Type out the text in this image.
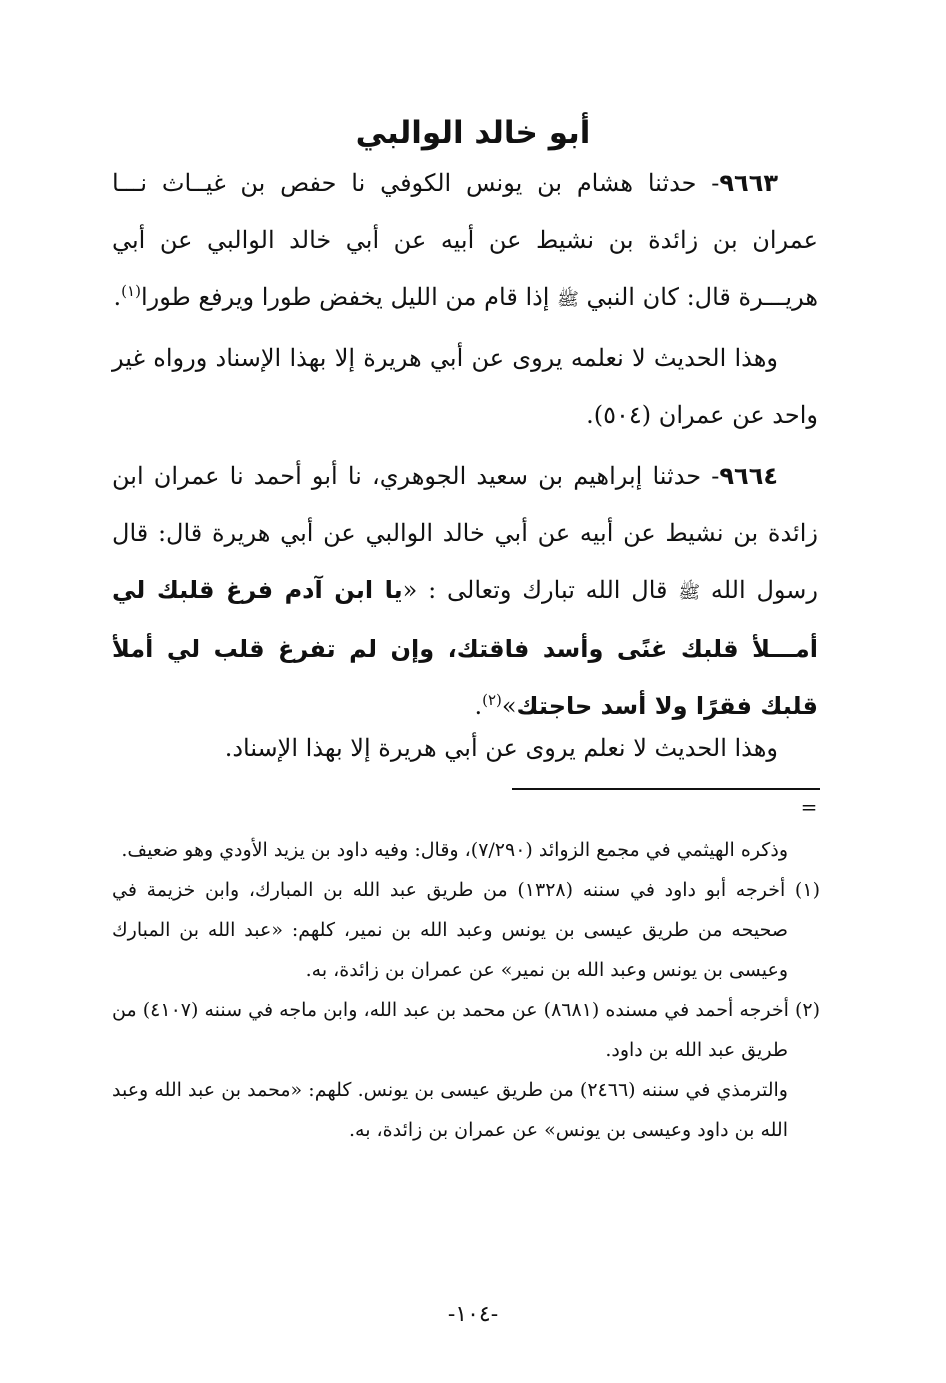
أبو خالد الوالبي

٩٦٦٣- حدثنا هشام بن يونس الكوفي نا حفص بن غيــاث نـــا عمران بن زائدة بن نشيط عن أبيه عن أبي خالد الوالبي عن أبي هريـــرة قال: كان النبي ﷺ إذا قام من الليل يخفض طورا ويرفع طورا$^{(١)}$.

وهذا الحديث لا نعلمه يروى عن أبي هريرة إلا بهذا الإسناد ورواه غير واحد عن عمران (٥٠٤).

٩٦٦٤- حدثنا إبراهيم بن سعيد الجوهري، نا أبو أحمد نا عمران ابن زائدة بن نشيط عن أبيه عن أبي خالد الوالبي عن أبي هريرة قال: قال رسول الله ﷺ قال الله تبارك وتعالى : «يا ابن آدم فرغ قلبك لي أمـــلأ قلبك غنًى وأسد فاقتك، وإن لم تفرغ قلب لي أملأ قلبك فقرًا ولا أسد حاجتك»$^{(٢)}$.

وهذا الحديث لا نعلم يروى عن أبي هريرة إلا بهذا الإسناد.

=

وذكره الهيثمي في مجمع الزوائد (٧/٢٩٠)، وقال: وفيه داود بن يزيد الأودي وهو ضعيف.

(١) أخرجه أبو داود في سننه (١٣٢٨) من طريق عبد الله بن المبارك، وابن خزيمة في صحيحه من طريق عيسى بن يونس وعبد الله بن نمير، كلهم: «عبد الله بن المبارك وعيسى بن يونس وعبد الله بن نمير» عن عمران بن زائدة، به.

(٢) أخرجه أحمد في مسنده (٨٦٨١) عن محمد بن عبد الله، وابن ماجه في سننه (٤١٠٧) من طريق عبد الله بن داود.

والترمذي في سننه (٢٤٦٦) من طريق عيسى بن يونس. كلهم: «محمد بن عبد الله وعبد الله بن داود وعيسى بن يونس» عن عمران بن زائدة، به.

-١٠٤-
